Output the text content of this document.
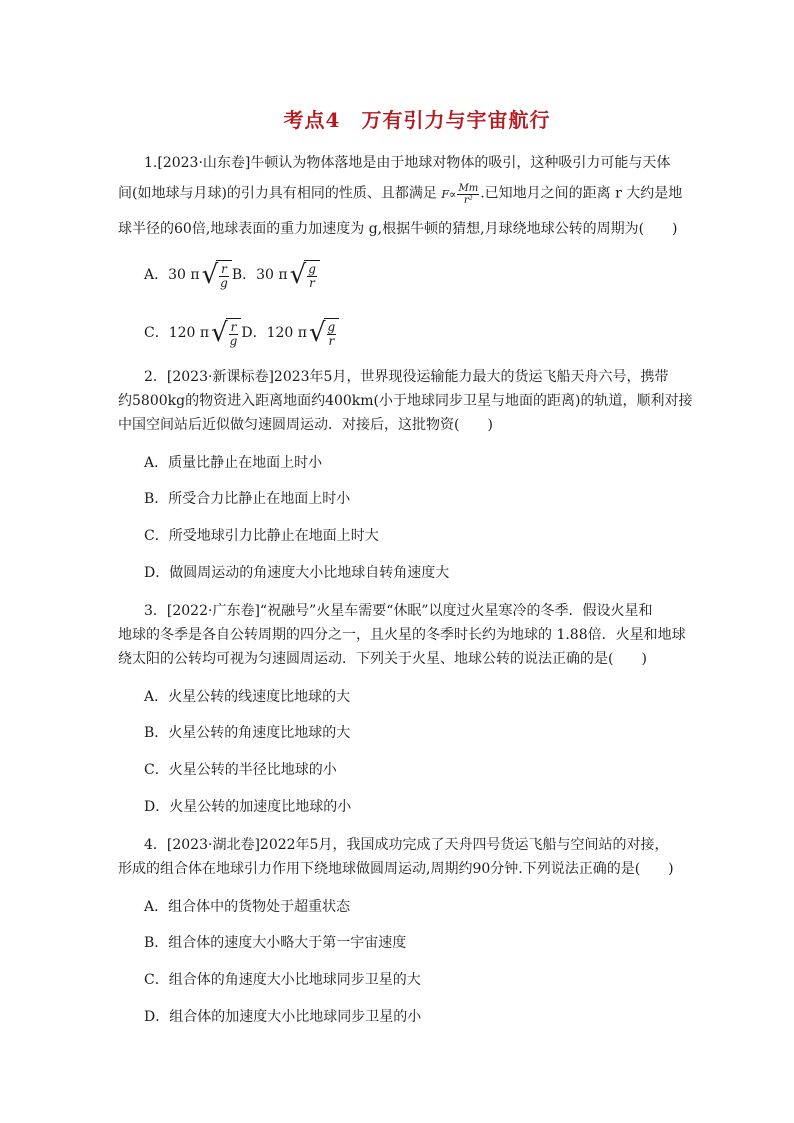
考点4　万有引力与宇宙航行
1.[2023·山东卷]牛顿认为物体落地是由于地球对物体的吸引，这种吸引力可能与天体
间(如地球与月球)的引力具有相同的性质、且都满足 $F\propto \frac{Mm}{\text{r²}}$ .已知地月之间的距离 r 大约是地
球半径的60倍,地球表面的重力加速度为 g,根据牛顿的猜想,月球绕地球公转的周期为(　　)
A．30 $\pi√ \frac{r}{g}$ B．30 $\pi√ \frac{g}{r}$
C．120 $\pi√ \frac{r}{g}$ D．120 $\pi√ \frac{g}{r}$
2．[2023·新课标卷]2023年5月，世界现役运输能力最大的货运飞船天舟六号，携带
约5800kg的物资进入距离地面约400km(小于地球同步卫星与地面的距离)的轨道，顺利对接
中国空间站后近似做匀速圆周运动．对接后，这批物资(　　)
A．质量比静止在地面上时小
B．所受合力比静止在地面上时小
C．所受地球引力比静止在地面上时大
D．做圆周运动的角速度大小比地球自转角速度大
3．[2022·广东卷]“祝融号”火星车需要“休眠”以度过火星寒冷的冬季．假设火星和
地球的冬季是各自公转周期的四分之一，且火星的冬季时长约为地球的 1.88倍．火星和地球
绕太阳的公转均可视为匀速圆周运动．下列关于火星、地球公转的说法正确的是(　　)
A．火星公转的线速度比地球的大
B．火星公转的角速度比地球的大
C．火星公转的半径比地球的小
D．火星公转的加速度比地球的小
4．[2023·湖北卷]2022年5月，我国成功完成了天舟四号货运飞船与空间站的对接，
形成的组合体在地球引力作用下绕地球做圆周运动,周期约90分钟.下列说法正确的是(　　)
A．组合体中的货物处于超重状态
B．组合体的速度大小略大于第一宇宙速度
C．组合体的角速度大小比地球同步卫星的大
D．组合体的加速度大小比地球同步卫星的小
